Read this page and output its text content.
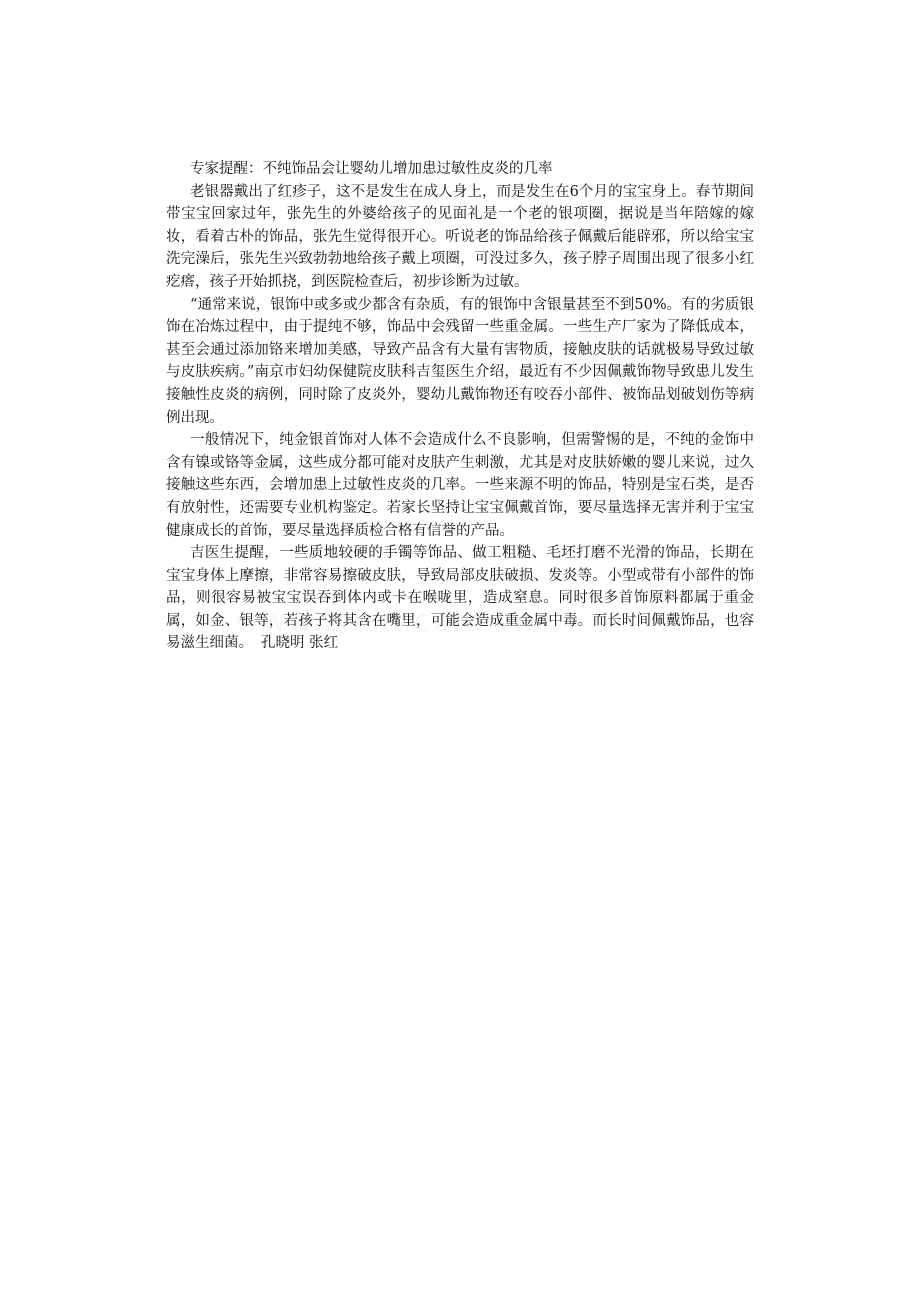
专家提醒：不纯饰品会让婴幼儿增加患过敏性皮炎的几率

老银器戴出了红疹子，这不是发生在成人身上，而是发生在6个月的宝宝身上。春节期间带宝宝回家过年，张先生的外婆给孩子的见面礼是一个老的银项圈，据说是当年陪嫁的嫁妆，看着古朴的饰品，张先生觉得很开心。听说老的饰品给孩子佩戴后能辟邪，所以给宝宝洗完澡后，张先生兴致勃勃地给孩子戴上项圈，可没过多久，孩子脖子周围出现了很多小红疙瘩，孩子开始抓挠，到医院检查后，初步诊断为过敏。

“通常来说，银饰中或多或少都含有杂质，有的银饰中含银量甚至不到50%。有的劣质银饰在冶炼过程中，由于提纯不够，饰品中会残留一些重金属。一些生产厂家为了降低成本，甚至会通过添加铬来增加美感，导致产品含有大量有害物质，接触皮肤的话就极易导致过敏与皮肤疾病。”南京市妇幼保健院皮肤科吉玺医生介绍，最近有不少因佩戴饰物导致患儿发生接触性皮炎的病例，同时除了皮炎外，婴幼儿戴饰物还有咬吞小部件、被饰品划破划伤等病例出现。

一般情况下，纯金银首饰对人体不会造成什么不良影响，但需警惕的是，不纯的金饰中含有镍或铬等金属，这些成分都可能对皮肤产生刺激，尤其是对皮肤娇嫩的婴儿来说，过久接触这些东西，会增加患上过敏性皮炎的几率。一些来源不明的饰品，特别是宝石类，是否有放射性，还需要专业机构鉴定。若家长坚持让宝宝佩戴首饰，要尽量选择无害并利于宝宝健康成长的首饰，要尽量选择质检合格有信誉的产品。

吉医生提醒，一些质地较硬的手镯等饰品、做工粗糙、毛坯打磨不光滑的饰品，长期在宝宝身体上摩擦，非常容易擦破皮肤，导致局部皮肤破损、发炎等。小型或带有小部件的饰品，则很容易被宝宝误吞到体内或卡在喉咙里，造成窒息。同时很多首饰原料都属于重金属，如金、银等，若孩子将其含在嘴里，可能会造成重金属中毒。而长时间佩戴饰品，也容易滋生细菌。 孔晓明 张红
